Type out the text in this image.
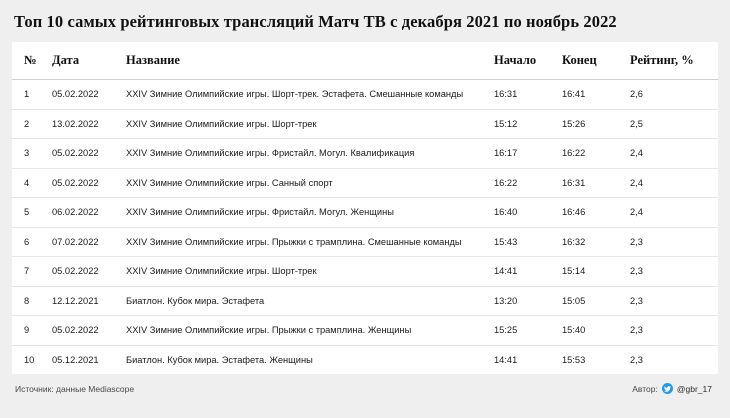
Топ 10 самых рейтинговых трансляций Матч ТВ с декабря 2021 по ноябрь 2022
№	Дата	Название	Начало	Конец	Рейтинг, %
1	05.02.2022	XXIV Зимние Олимпийские игры. Шорт-трек. Эстафета. Смешанные команды	16:31	16:41	2,6
2	13.02.2022	XXIV Зимние Олимпийские игры. Шорт-трек	15:12	15:26	2,5
3	05.02.2022	XXIV Зимние Олимпийские игры. Фристайл. Могул. Квалификация	16:17	16:22	2,4
4	05.02.2022	XXIV Зимние Олимпийские игры. Санный спорт	16:22	16:31	2,4
5	06.02.2022	XXIV Зимние Олимпийские игры. Фристайл. Могул. Женщины	16:40	16:46	2,4
6	07.02.2022	XXIV Зимние Олимпийские игры. Прыжки с трамплина. Смешанные команды	15:43	16:32	2,3
7	05.02.2022	XXIV Зимние Олимпийские игры. Шорт-трек	14:41	15:14	2,3
8	12.12.2021	Биатлон. Кубок мира. Эстафета	13:20	15:05	2,3
9	05.02.2022	XXIV Зимние Олимпийские игры. Прыжки с трамплина. Женщины	15:25	15:40	2,3
10	05.12.2021	Биатлон. Кубок мира. Эстафета. Женщины	14:41	15:53	2,3
Источник: данные Mediascope	Автор: @gbr_17
